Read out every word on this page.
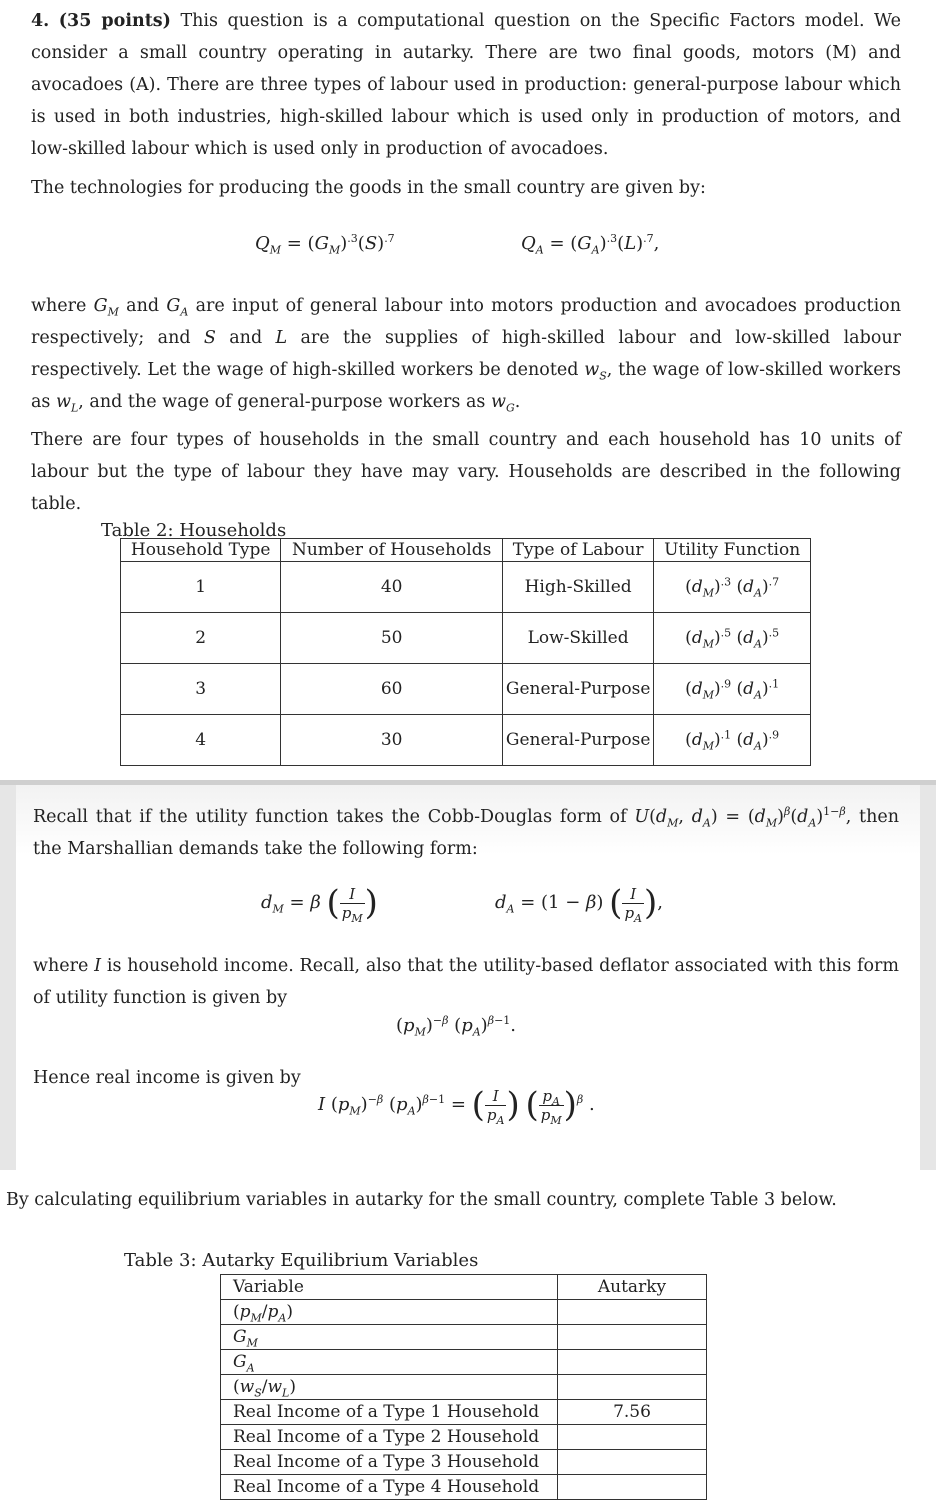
4. (35 points) This question is a computational question on the Specific Factors model. We consider a small country operating in autarky. There are two final goods, motors (M) and avocadoes (A). There are three types of labour used in production: general-purpose labour which is used in both industries, high-skilled labour which is used only in production of motors, and low-skilled labour which is used only in production of avocadoes.

The technologies for producing the goods in the small country are given by:

$Q_M = (G_M)^{.3}(S)^{.7}$	$Q_A = (G_A)^{.3}(L)^{.7}$,

where $G_M$ and $G_A$ are input of general labour into motors production and avocadoes production respectively; and S and L are the supplies of high-skilled labour and low-skilled labour respectively. Let the wage of high-skilled workers be denoted $w_S$, the wage of low-skilled workers as $w_L$, and the wage of general-purpose workers as $w_G$.

There are four types of households in the small country and each household has 10 units of labour but the type of labour they have may vary. Households are described in the following table.

Table 2: Households
Household Type	Number of Households	Type of Labour	Utility Function
1	40	High-Skilled	$(d_M)^{.3}$ $(d_A)^{.7}$
2	50	Low-Skilled	$(d_M)^{.5}$ $(d_A)^{.5}$
3	60	General-Purpose	$(d_M)^{.9}$ $(d_A)^{.1}$
4	30	General-Purpose	$(d_M)^{.1}$ $(d_A)^{.9}$

Recall that if the utility function takes the Cobb-Douglas form of $U(d_M$, $d_A) = (d_M)^\beta(d_A)^{1-\beta}$, then the Marshallian demands take the following form:

$d_M = \beta$ ( $\frac{I}{p_M}$ )	$d_A = (1 - \beta)$ ( $\frac{I}{p_A}$ ),

where I is household income. Recall, also that the utility-based deflator associated with this form of utility function is given by

$(p_M)^{-\beta}$ $(p_A)^{\beta-1}$.

Hence real income is given by

I $(p_M)^{-\beta}$ $(p_A)^{\beta-1}$ = ( $\frac{I}{p_A}$ ) ( $\frac{p_A}{p_M} )^\beta$ .

By calculating equilibrium variables in autarky for the small country, complete Table 3 below.

Table 3: Autarky Equilibrium Variables
Variable	Autarky
$(p_M/p_A)$	
$G_M$	
$G_A$	
$(w_S/w_L)$	
Real Income of a Type 1 Household	7.56
Real Income of a Type 2 Household	
Real Income of a Type 3 Household	
Real Income of a Type 4 Household	
